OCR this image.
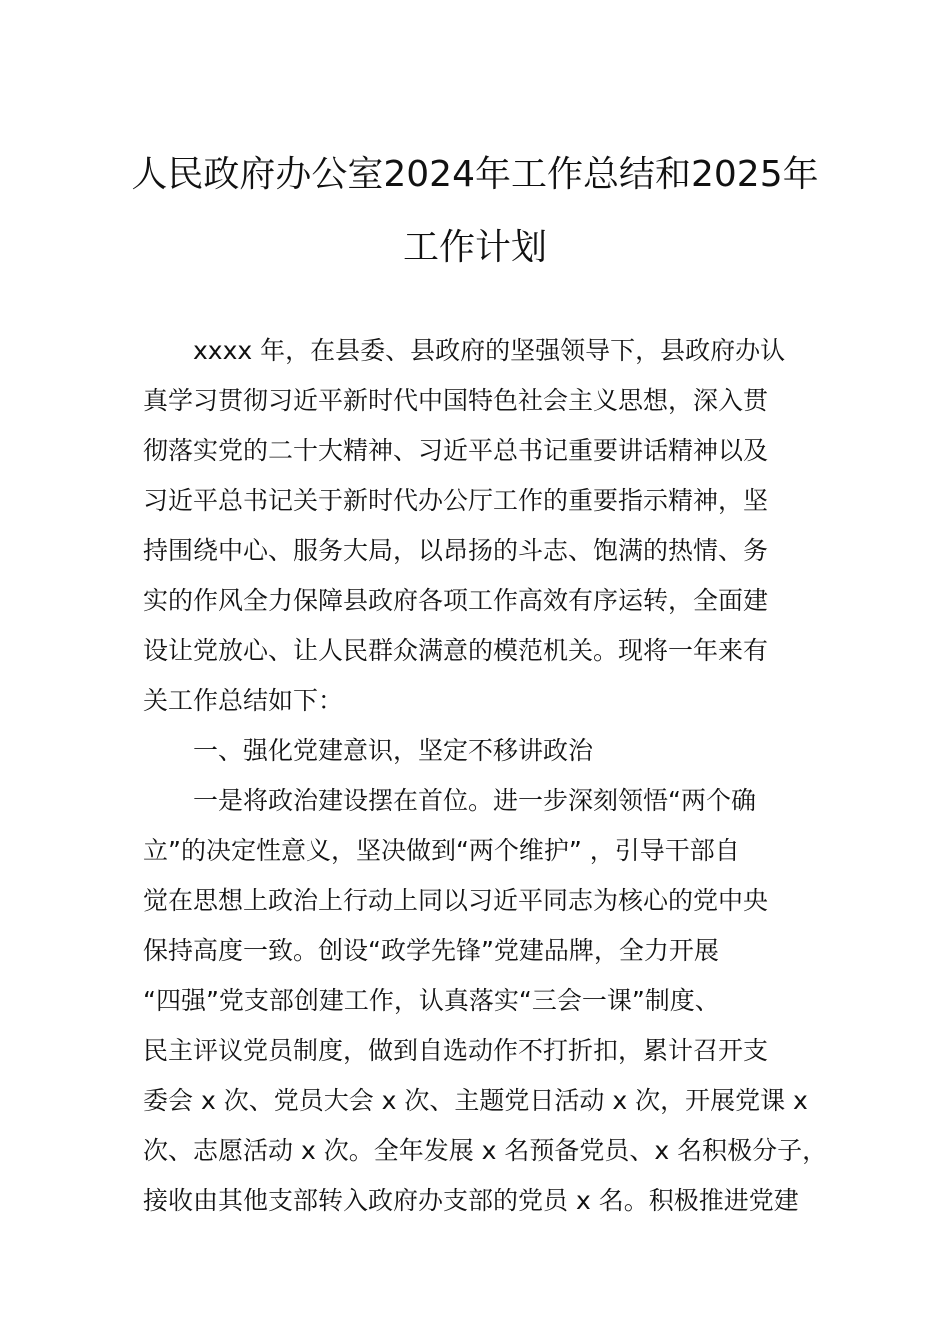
人民政府办公室2024年工作总结和2025年
工作计划
xxxx 年，在县委、县政府的坚强领导下，县政府办认
真学习贯彻习近平新时代中国特色社会主义思想，深入贯
彻落实党的二十大精神、习近平总书记重要讲话精神以及
习近平总书记关于新时代办公厅工作的重要指示精神，坚
持围绕中心、服务大局，以昂扬的斗志、饱满的热情、务
实的作风全力保障县政府各项工作高效有序运转，全面建
设让党放心、让人民群众满意的模范机关。现将一年来有
关工作总结如下：
一、强化党建意识，坚定不移讲政治
一是将政治建设摆在首位。进一步深刻领悟“两个确
立”的决定性意义，坚决做到“两个维护” ，引导干部自
觉在思想上政治上行动上同以习近平同志为核心的党中央
保持高度一致。创设“政学先锋”党建品牌，全力开展
“四强”党支部创建工作，认真落实“三会一课”制度、
民主评议党员制度，做到自选动作不打折扣，累计召开支
委会 x 次、党员大会 x 次、主题党日活动 x 次，开展党课 x
次、志愿活动 x 次。全年发展 x 名预备党员、x 名积极分子，
接收由其他支部转入政府办支部的党员 x 名。积极推进党建
